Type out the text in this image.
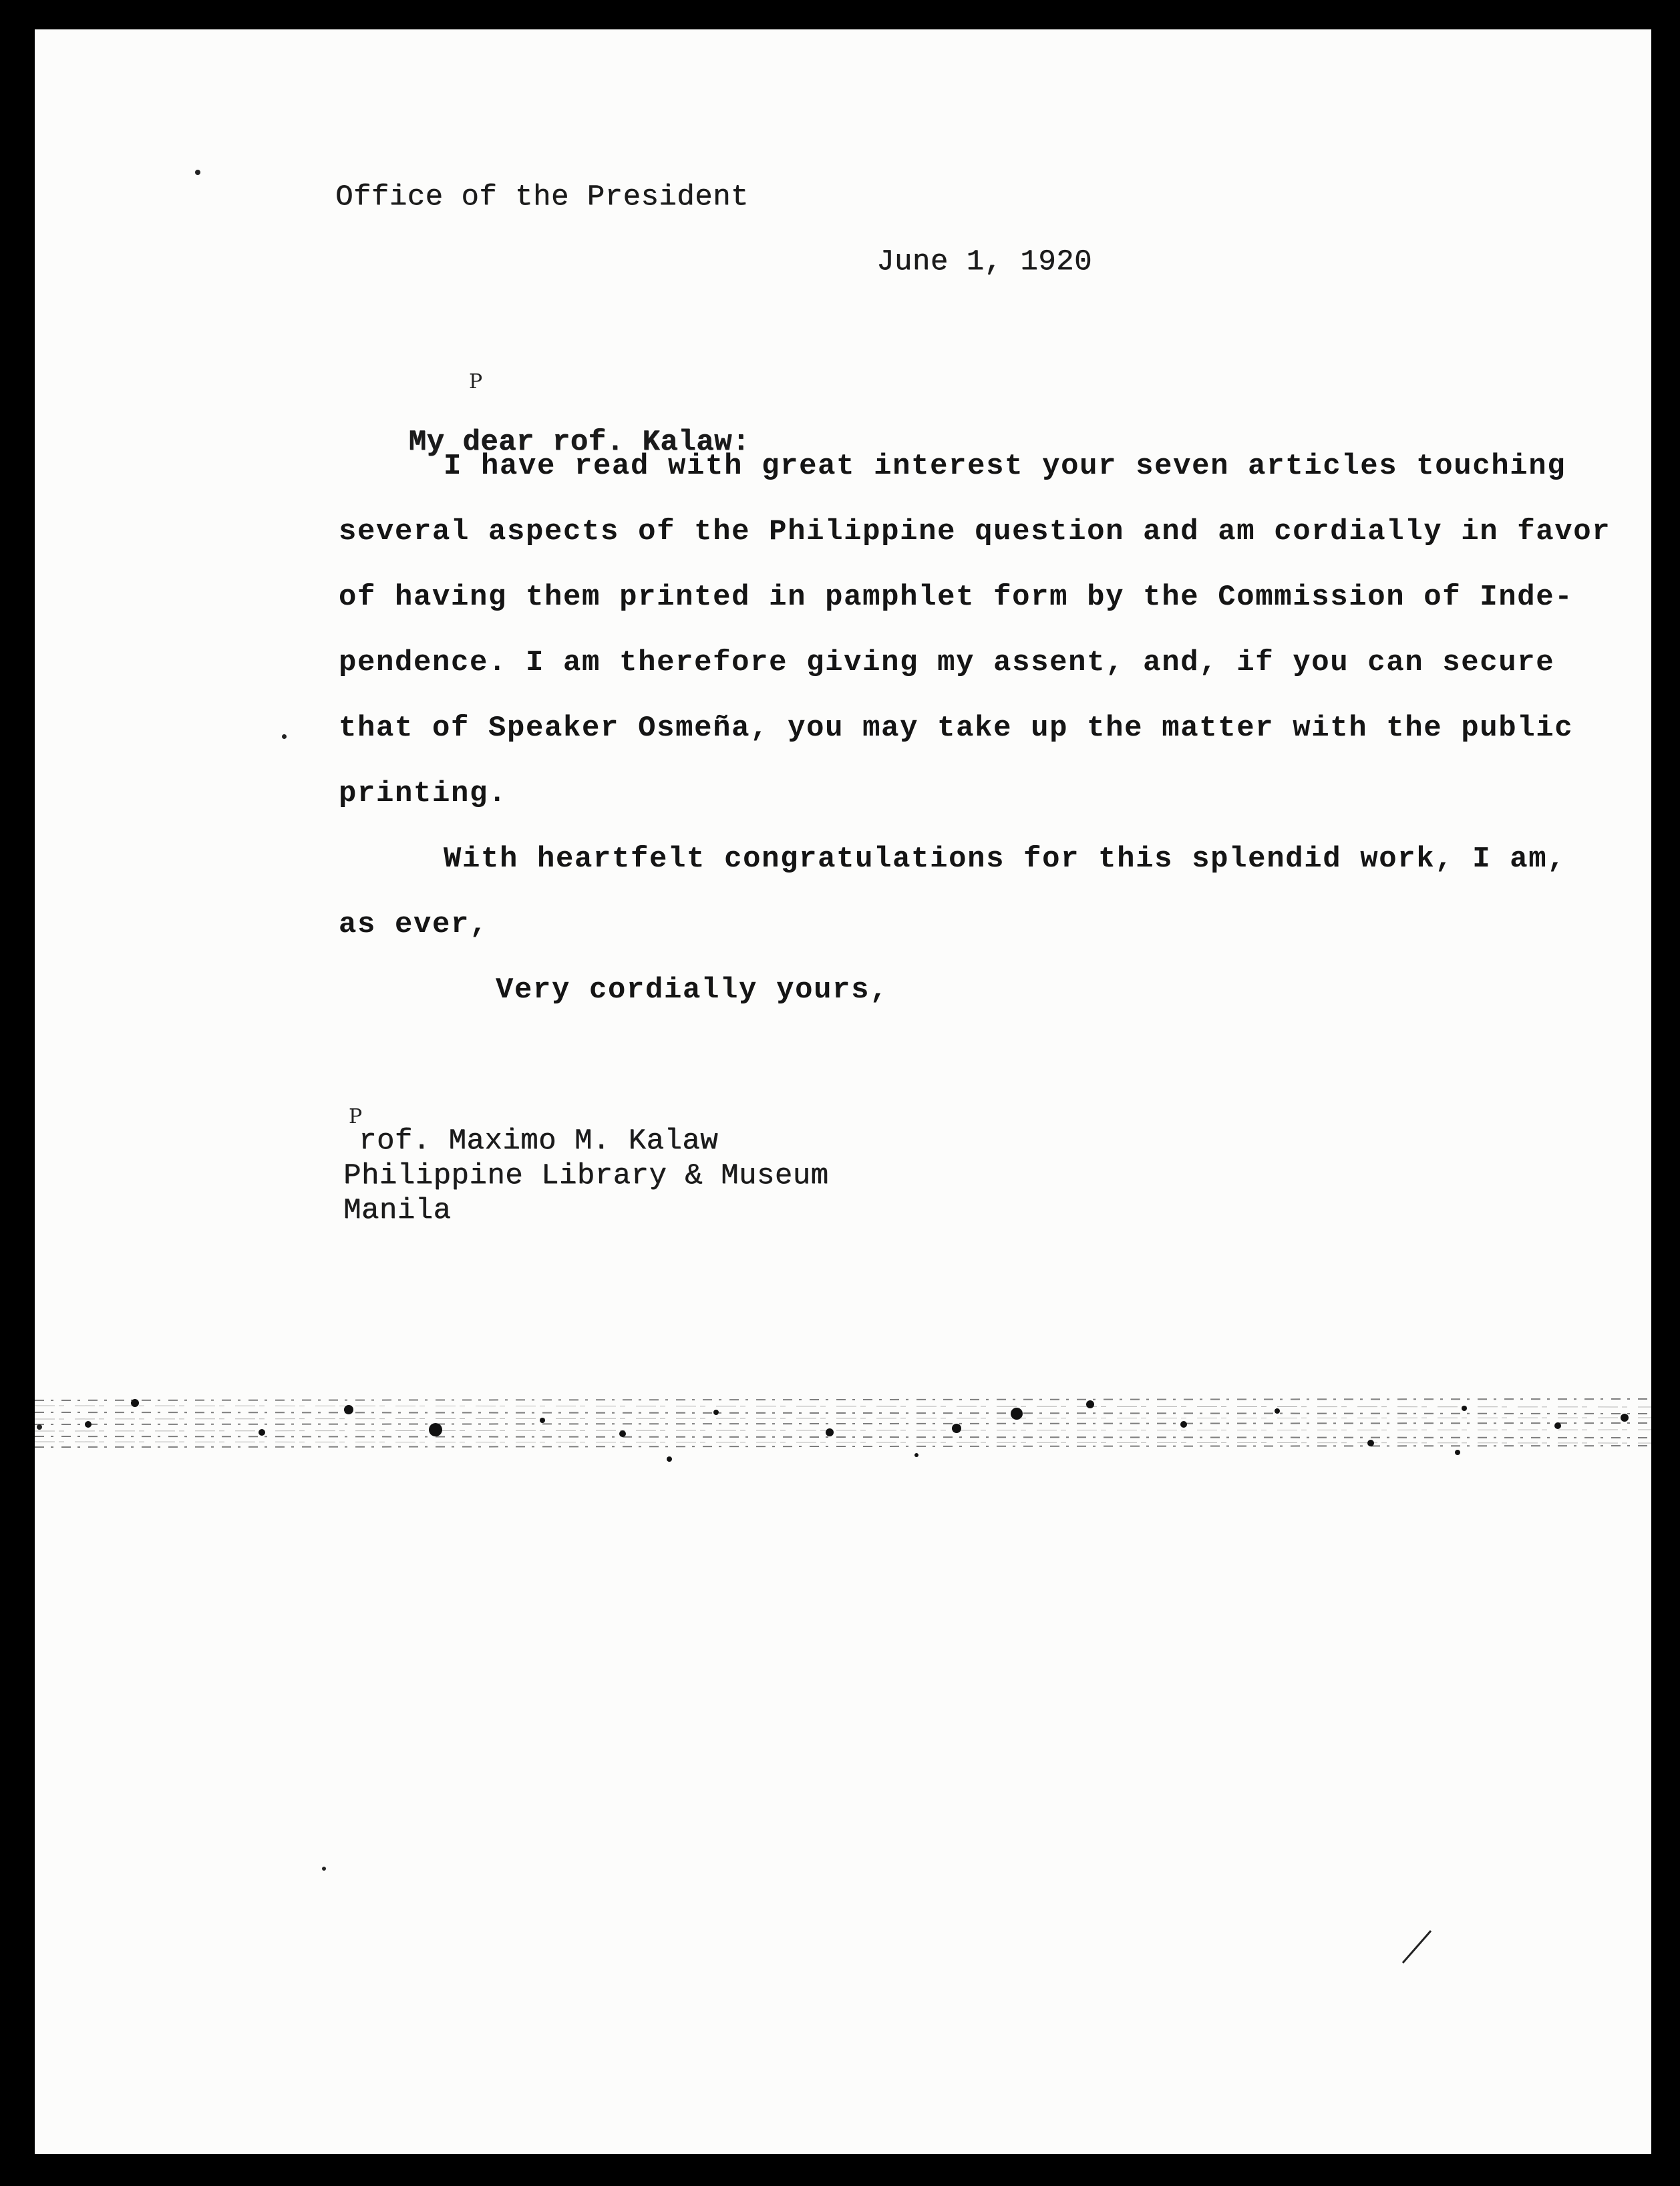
Office of the President
June 1, 1920

My dear rof. Kalaw:

P
I have read with great interest your seven articles touching
several aspects of the Philippine question and am cordially in favor
of having them printed in pamphlet form by the Commission of Inde-
pendence. I am therefore giving my assent, and, if you can secure
that of Speaker Osmeña, you may take up the matter with the public
printing.
With heartfelt congratulations for this splendid work, I am,
as ever,
Very cordially yours,
P
rof. Maximo M. Kalaw
Philippine Library & Museum
Manila
